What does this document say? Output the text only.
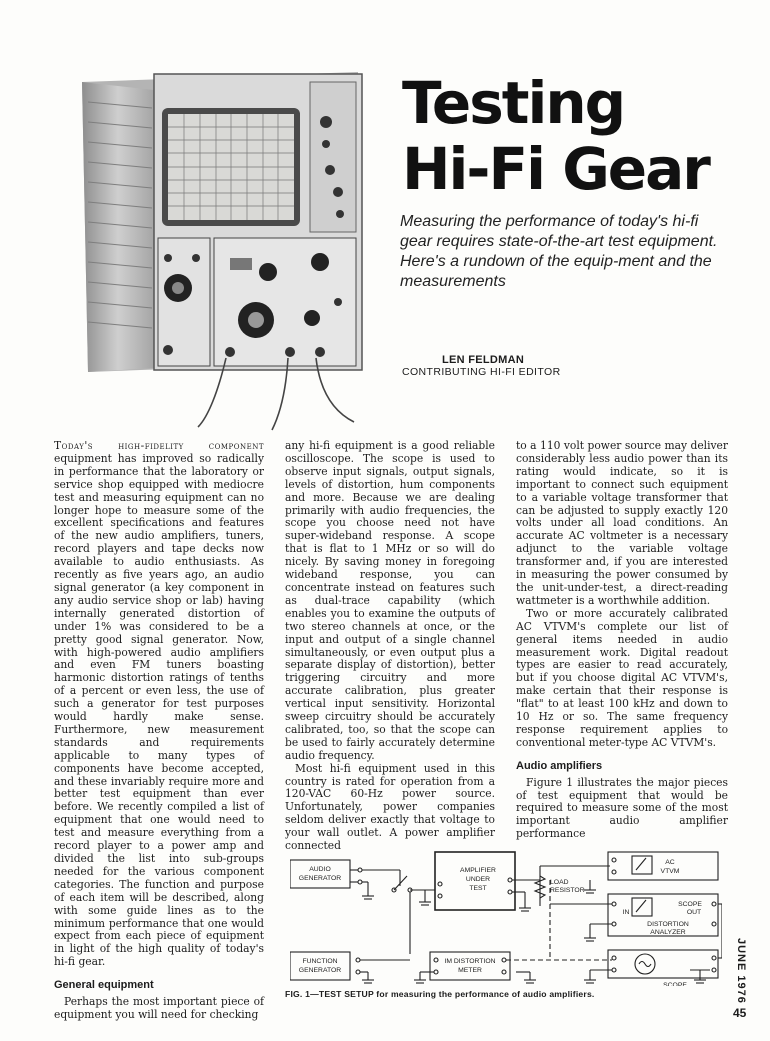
Testing
Hi-Fi Gear

Measuring the performance of today's hi-fi gear requires state-of-the-art test equipment. Here's a rundown of the equip-ment and the measurements

LEN FELDMAN
CONTRIBUTING HI-FI EDITOR

Today's high-fidelity component equipment has improved so radically in performance that the laboratory or service shop equipped with mediocre test and measuring equipment can no longer hope to measure some of the excellent specifications and features of the new audio amplifiers, tuners, record players and tape decks now available to audio enthusiasts. As recently as five years ago, an audio signal generator (a key component in any audio service shop or lab) having internally generated distortion of under 1% was considered to be a pretty good signal generator. Now, with high-powered audio amplifiers and even FM tuners boasting harmonic distortion ratings of tenths of a percent or even less, the use of such a generator for test purposes would hardly make sense. Furthermore, new measurement standards and requirements applicable to many types of components have become accepted, and these invariably require more and better test equipment than ever before. We recently compiled a list of equipment that one would need to test and measure everything from a record player to a power amp and divided the list into sub-groups needed for the various component categories. The function and purpose of each item will be described, along with some guide lines as to the minimum performance that one would expect from each piece of equipment in light of the high quality of today's hi-fi gear.

General equipment

Perhaps the most important piece of equipment you will need for checking

any hi-fi equipment is a good reliable oscilloscope. The scope is used to observe input signals, output signals, levels of distortion, hum components and more. Because we are dealing primarily with audio frequencies, the scope you choose need not have super-wideband response. A scope that is flat to 1 MHz or so will do nicely. By saving money in foregoing wideband response, you can concentrate instead on features such as dual-trace capability (which enables you to examine the outputs of two stereo channels at once, or the input and output of a single channel simultaneously, or even output plus a separate display of distortion), better triggering circuitry and more accurate calibration, plus greater vertical input sensitivity. Horizontal sweep circuitry should be accurately calibrated, too, so that the scope can be used to fairly accurately determine audio frequency.

Most hi-fi equipment used in this country is rated for operation from a 120-VAC 60-Hz power source. Unfortunately, power companies seldom deliver exactly that voltage to your wall outlet. A power amplifier connected

to a 110 volt power source may deliver considerably less audio power than its rating would indicate, so it is important to connect such equipment to a variable voltage transformer that can be adjusted to supply exactly 120 volts under all load conditions. An accurate AC voltmeter is a necessary adjunct to the variable voltage transformer and, if you are interested in measuring the power consumed by the unit-under-test, a direct-reading wattmeter is a worthwhile addition.

Two or more accurately calibrated AC VTVM's complete our list of general items needed in audio measurement work. Digital readout types are easier to read accurately, but if you choose digital AC VTVM's, make certain that their response is "flat" to at least 100 kHz and down to 10 Hz or so. The same frequency response requirement applies to conventional meter-type AC VTVM's.

Audio amplifiers

Figure 1 illustrates the major pieces of test equipment that would be required to measure some of the most important audio amplifier performance

AUDIO
GENERATOR
FUNCTION
GENERATOR
AMPLIFIER
UNDER
TEST
IM DISTORTION
METER
AC
VTVM
DISTORTION
ANALYZER
SCOPE
OUT
IN
SCOPE
LOAD
RESISTOR

FIG. 1—TEST SETUP for measuring the performance of audio amplifiers.	JUNE 1976
45
